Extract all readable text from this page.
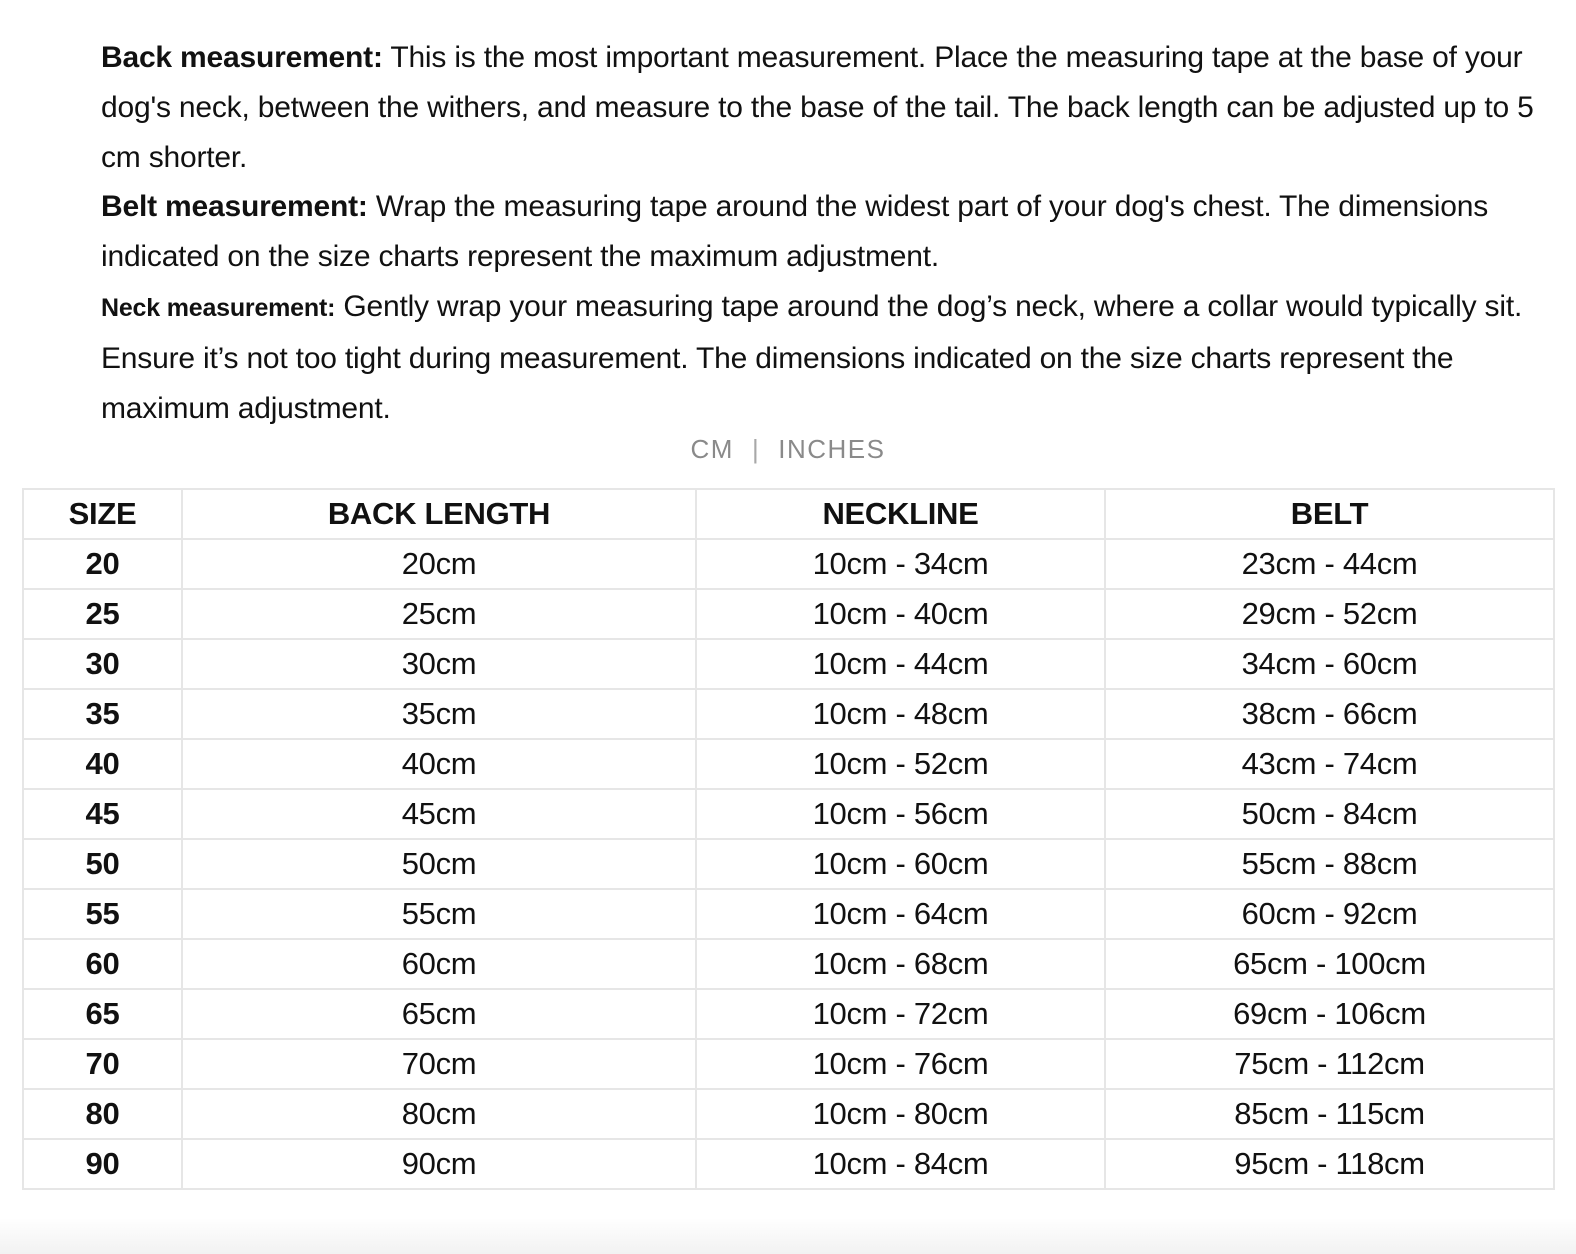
Back measurement: This is the most important measurement. Place the measuring tape at the base of your dog's neck, between the withers, and measure to the base of the tail. The back length can be adjusted up to 5 cm shorter.

Belt measurement: Wrap the measuring tape around the widest part of your dog's chest. The dimensions indicated on the size charts represent the maximum adjustment.

Neck measurement: Gently wrap your measuring tape around the dog’s neck, where a collar would typically sit. Ensure it’s not too tight during measurement. The dimensions indicated on the size charts represent the maximum adjustment.

CM | INCHES
SIZE	BACK LENGTH	NECKLINE	BELT
20	20cm	10cm - 34cm	23cm - 44cm
25	25cm	10cm - 40cm	29cm - 52cm
30	30cm	10cm - 44cm	34cm - 60cm
35	35cm	10cm - 48cm	38cm - 66cm
40	40cm	10cm - 52cm	43cm - 74cm
45	45cm	10cm - 56cm	50cm - 84cm
50	50cm	10cm - 60cm	55cm - 88cm
55	55cm	10cm - 64cm	60cm - 92cm
60	60cm	10cm - 68cm	65cm - 100cm
65	65cm	10cm - 72cm	69cm - 106cm
70	70cm	10cm - 76cm	75cm - 112cm
80	80cm	10cm - 80cm	85cm - 115cm
90	90cm	10cm - 84cm	95cm - 118cm
